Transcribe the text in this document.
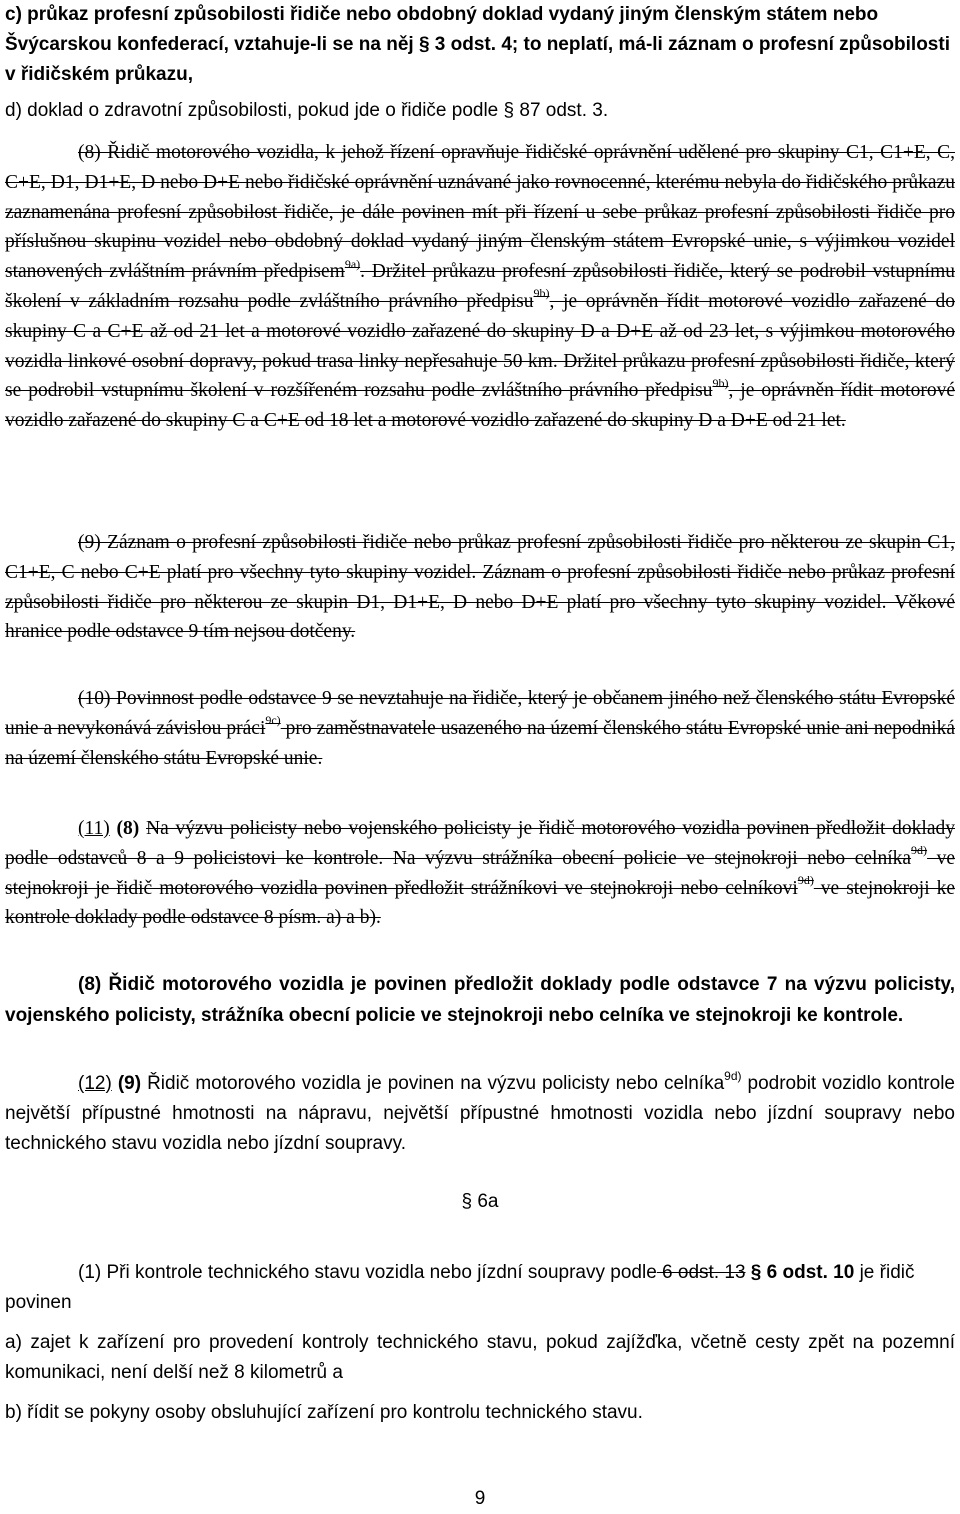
c) průkaz profesní způsobilosti řidiče nebo obdobný doklad vydaný jiným členským státem nebo Švýcarskou konfederací, vztahuje-li se na něj § 3 odst. 4; to neplatí, má-li záznam o profesní způsobilosti v řidičském průkazu,

d) doklad o zdravotní způsobilosti, pokud jde o řidiče podle § 87 odst. 3.

(8) Řidič motorového vozidla, k jehož řízení opravňuje řidičské oprávnění udělené pro skupiny C1, C1+E, C, C+E, D1, D1+E, D nebo D+E nebo řidičské oprávnění uznávané jako rovnocenné, kterému nebyla do řidičského průkazu zaznamenána profesní způsobilost řidiče, je dále povinen mít při řízení u sebe průkaz profesní způsobilosti řidiče pro příslušnou skupinu vozidel nebo obdobný doklad vydaný jiným členským státem Evropské unie, s výjimkou vozidel stanovených zvláštním právním předpisem$^{9a)}$. Držitel průkazu profesní způsobilosti řidiče, který se podrobil vstupnímu školení v základním rozsahu podle zvláštního právního předpisu$^{9b)}$, je oprávněn řídit motorové vozidlo zařazené do skupiny C a C+E až od 21 let a motorové vozidlo zařazené do skupiny D a D+E až od 23 let, s výjimkou motorového vozidla linkové osobní dopravy, pokud trasa linky nepřesahuje 50 km. Držitel průkazu profesní způsobilosti řidiče, který se podrobil vstupnímu školení v rozšířeném rozsahu podle zvláštního právního předpisu$^{9b)}$, je oprávněn řídit motorové vozidlo zařazené do skupiny C a C+E od 18 let a motorové vozidlo zařazené do skupiny D a D+E od 21 let.

(9) Záznam o profesní způsobilosti řidiče nebo průkaz profesní způsobilosti řidiče pro některou ze skupin C1, C1+E, C nebo C+E platí pro všechny tyto skupiny vozidel. Záznam o profesní způsobilosti řidiče nebo průkaz profesní způsobilosti řidiče pro některou ze skupin D1, D1+E, D nebo D+E platí pro všechny tyto skupiny vozidel. Věkové hranice podle odstavce 9 tím nejsou dotčeny.

(10) Povinnost podle odstavce 9 se nevztahuje na řidiče, který je občanem jiného než členského státu Evropské unie a nevykonává závislou práci$^{9c)}$ pro zaměstnavatele usazeného na území členského státu Evropské unie ani nepodniká na území členského státu Evropské unie.

(11) (8) Na výzvu policisty nebo vojenského policisty je řidič motorového vozidla povinen předložit doklady podle odstavců 8 a 9 policistovi ke kontrole. Na výzvu strážníka obecní policie ve stejnokroji nebo celníka$^{9d)}$ ve stejnokroji je řidič motorového vozidla povinen předložit strážníkovi ve stejnokroji nebo celníkovi$^{9d)}$ ve stejnokroji ke kontrole doklady podle odstavce 8 písm. a) a b).

(8) Řidič motorového vozidla je povinen předložit doklady podle odstavce 7 na výzvu policisty, vojenského policisty, strážníka obecní policie ve stejnokroji nebo celníka ve stejnokroji ke kontrole.

(12) (9) Řidič motorového vozidla je povinen na výzvu policisty nebo celníka$^{9d)}$ podrobit vozidlo kontrole největší přípustné hmotnosti na nápravu, největší přípustné hmotnosti vozidla nebo jízdní soupravy nebo technického stavu vozidla nebo jízdní soupravy.

§ 6a

(1) Při kontrole technického stavu vozidla nebo jízdní soupravy podle 6 odst. 13 § 6 odst. 10 je řidič povinen

a) zajet k zařízení pro provedení kontroly technického stavu, pokud zajížďka, včetně cesty zpět na pozemní komunikaci, není delší než 8 kilometrů a

b) řídit se pokyny osoby obsluhující zařízení pro kontrolu technického stavu.

9
